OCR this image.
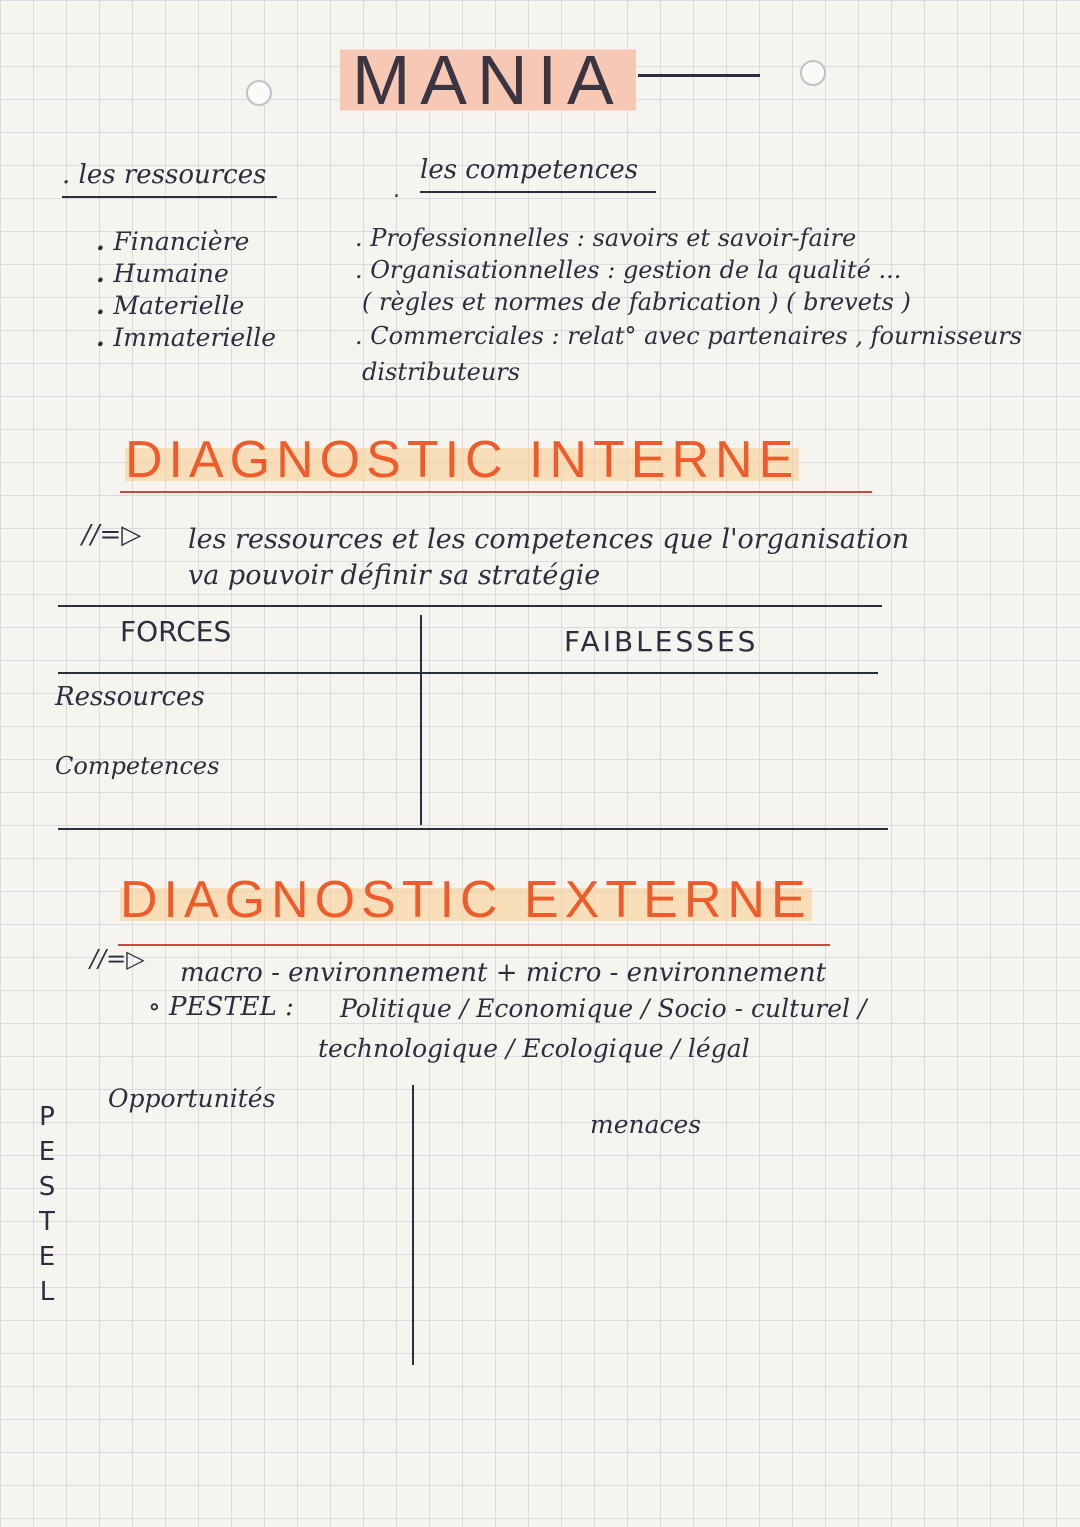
MANIA
. les ressources
. Financière
. Humaine
. Materielle
. Immaterielle
.
les competences
. Professionnelles : savoirs et savoir-faire
. Organisationnelles : gestion de la qualité ...
( règles et normes de fabrication ) ( brevets )
. Commerciales : relat° avec partenaires , fournisseurs
distributeurs
DIAGNOSTIC INTERNE
//=▷ les ressources et les competences que l'organisation
va pouvoir définir sa stratégie
FORCES	FAIBLESSES
Ressources
Competences
DIAGNOSTIC EXTERNE
//=▷ macro - environnement + micro - environnement
∘ PESTEL : Politique / Economique / Socio - culturel /
technologique / Ecologique / légal
Opportunités
menaces
P
E
S
T
E
L
